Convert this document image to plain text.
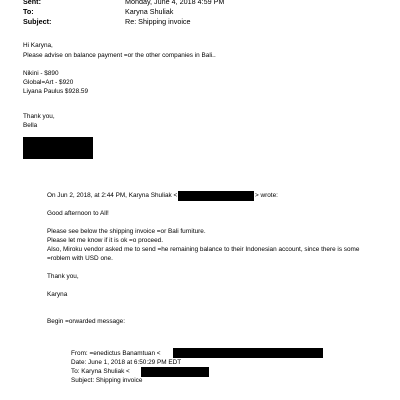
Sent:	Monday, June 4, 2018 4:59 PM
To:	Karyna Shuliak
Subject:	Re: Shipping invoice
Hi Karyna,
Please advise on balance payment =or the other companies in Bali..
Nikini - $890
Global=Art - $920
Liyana Paulus $928.59
Thank you,
Bella
On Jun 2, 2018, at 2:44 PM, Karyna Shuliak <	> wrote:
Good afternoon to All!
Please see below the shipping invoice =or Bali furniture.
Please let me know if it is ok =o proceed.
Also, Miroku vendor asked me to send =he remaining balance to their Indonesian account, since there is some
=roblem with USD one.
Thank you,
Karyna
Begin =orwarded message:
From: =enedictus Banamtuan <
Date: June 1, 2018 at 6:50:29 PM EDT
To: Karyna Shuliak <
Subject: Shipping invoice
